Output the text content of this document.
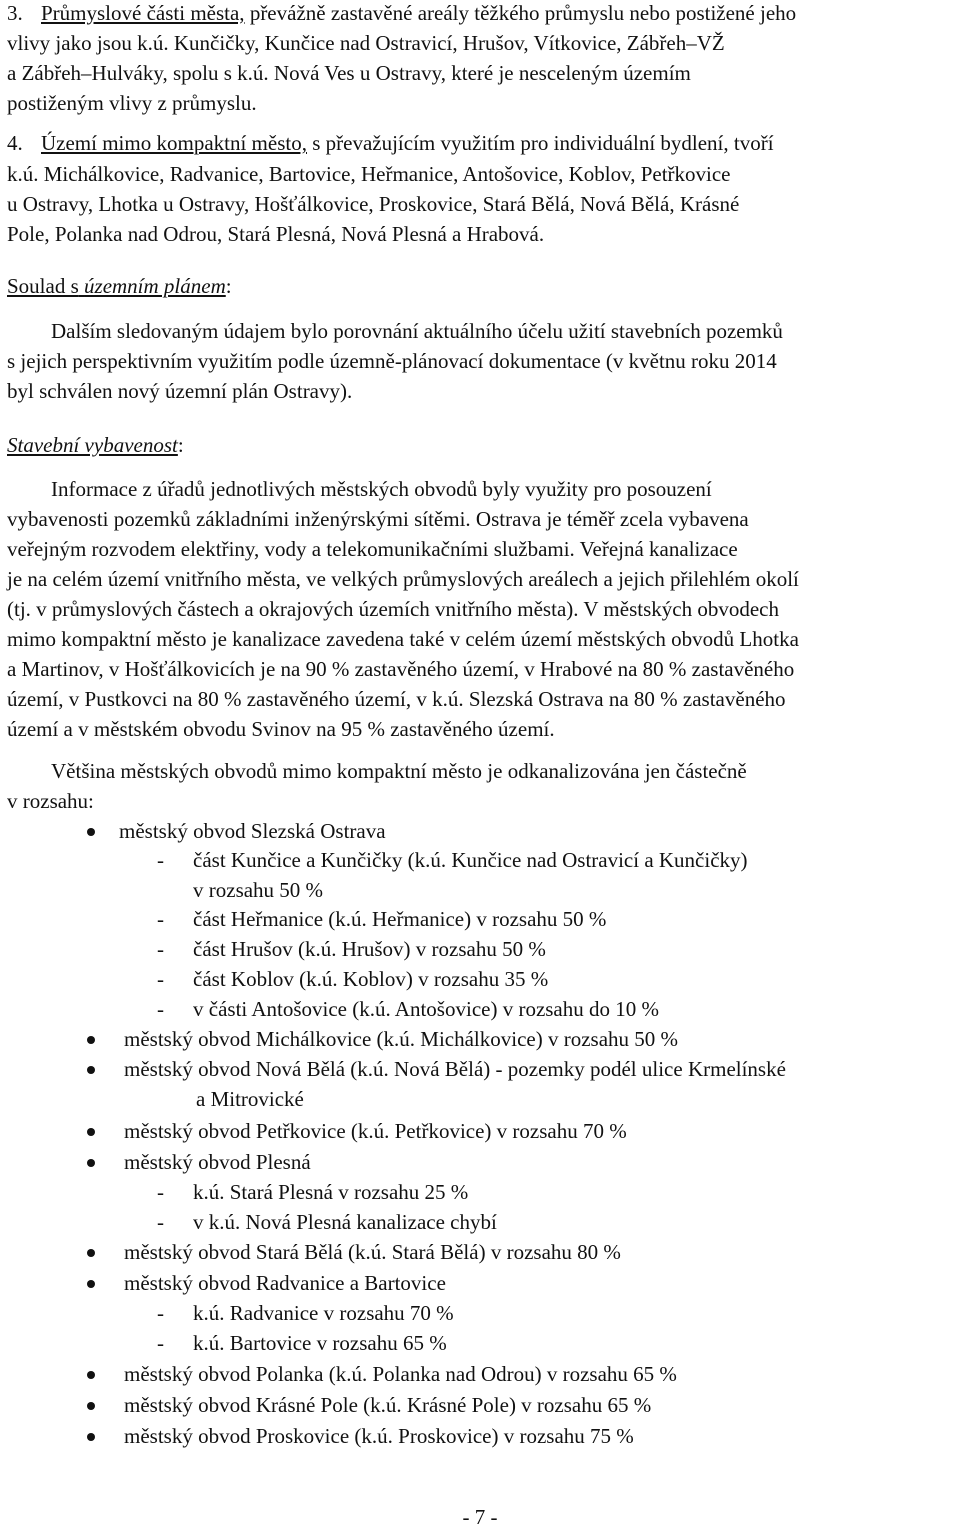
3. Průmyslové části města, převážně zastavěné areály těžkého průmyslu nebo postižené jeho
vlivy jako jsou k.ú. Kunčičky, Kunčice nad Ostravicí, Hrušov, Vítkovice, Zábřeh–VŽ
a Zábřeh–Hulváky, spolu s k.ú. Nová Ves u Ostravy, které je nesceleným územím
postiženým vlivy z průmyslu.
4. Území mimo kompaktní město, s převažujícím využitím pro individuální bydlení, tvoří
k.ú. Michálkovice, Radvanice, Bartovice, Heřmanice, Antošovice, Koblov, Petřkovice
u Ostravy, Lhotka u Ostravy, Hošťálkovice, Proskovice, Stará Bělá, Nová Bělá, Krásné
Pole, Polanka nad Odrou, Stará Plesná, Nová Plesná a Hrabová.
Soulad s územním plánem:
Dalším sledovaným údajem bylo porovnání aktuálního účelu užití stavebních pozemků
s jejich perspektivním využitím podle územně-plánovací dokumentace (v květnu roku 2014
byl schválen nový územní plán Ostravy).
Stavební vybavenost:
Informace z úřadů jednotlivých městských obvodů byly využity pro posouzení
vybavenosti pozemků základními inženýrskými sítěmi. Ostrava je téměř zcela vybavena
veřejným rozvodem elektřiny, vody a telekomunikačními službami. Veřejná kanalizace
je na celém území vnitřního města, ve velkých průmyslových areálech a jejich přilehlém okolí
(tj. v průmyslových částech a okrajových územích vnitřního města). V městských obvodech
mimo kompaktní město je kanalizace zavedena také v celém území městských obvodů Lhotka
a Martinov, v Hošťálkovicích je na 90 % zastavěného území, v Hrabové na 80 % zastavěného
území, v Pustkovci na 80 % zastavěného území, v k.ú. Slezská Ostrava na 80 % zastavěného
území a v městském obvodu Svinov na 95 % zastavěného území.
Většina městských obvodů mimo kompaktní město je odkanalizována jen částečně
v rozsahu:
městský obvod Slezská Ostrava
- část Kunčice a Kunčičky (k.ú. Kunčice nad Ostravicí a Kunčičky)
v rozsahu 50 %
- část Heřmanice (k.ú. Heřmanice) v rozsahu 50 %
- část Hrušov (k.ú. Hrušov) v rozsahu 50 %
- část Koblov (k.ú. Koblov) v rozsahu 35 %
- v části Antošovice (k.ú. Antošovice) v rozsahu do 10 %
městský obvod Michálkovice (k.ú. Michálkovice) v rozsahu 50 %
městský obvod Nová Bělá (k.ú. Nová Bělá) - pozemky podél ulice Krmelínské
a Mitrovické
městský obvod Petřkovice (k.ú. Petřkovice) v rozsahu 70 %
městský obvod Plesná
- k.ú. Stará Plesná v rozsahu 25 %
- v k.ú. Nová Plesná kanalizace chybí
městský obvod Stará Bělá (k.ú. Stará Bělá) v rozsahu 80 %
městský obvod Radvanice a Bartovice
- k.ú. Radvanice v rozsahu 70 %
- k.ú. Bartovice v rozsahu 65 %
městský obvod Polanka (k.ú. Polanka nad Odrou) v rozsahu 65 %
městský obvod Krásné Pole (k.ú. Krásné Pole) v rozsahu 65 %
městský obvod Proskovice (k.ú. Proskovice) v rozsahu 75 %
- 7 -
